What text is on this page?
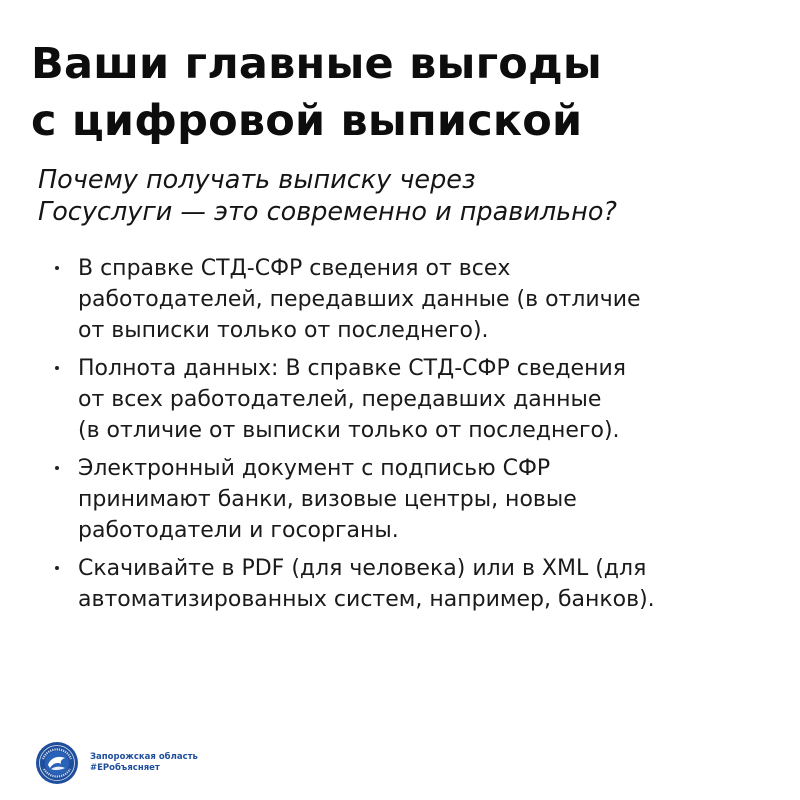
Ваши главные выгоды
с цифровой выпиской
Почему получать выписку через
Госуслуги — это современно и правильно?
В справке СТД-СФР сведения от всех
работодателей, передавших данные (в отличие
от выписки только от последнего).
Полнота данных: В справке СТД-СФР сведения
от всех работодателей, передавших данные
(в отличие от выписки только от последнего).
Электронный документ с подписью СФР
принимают банки, визовые центры, новые
работодатели и госорганы.
Скачивайте в PDF (для человека) или в XML (для
автоматизированных систем, например, банков).
Запорожская область
#ЕРобъясняет
